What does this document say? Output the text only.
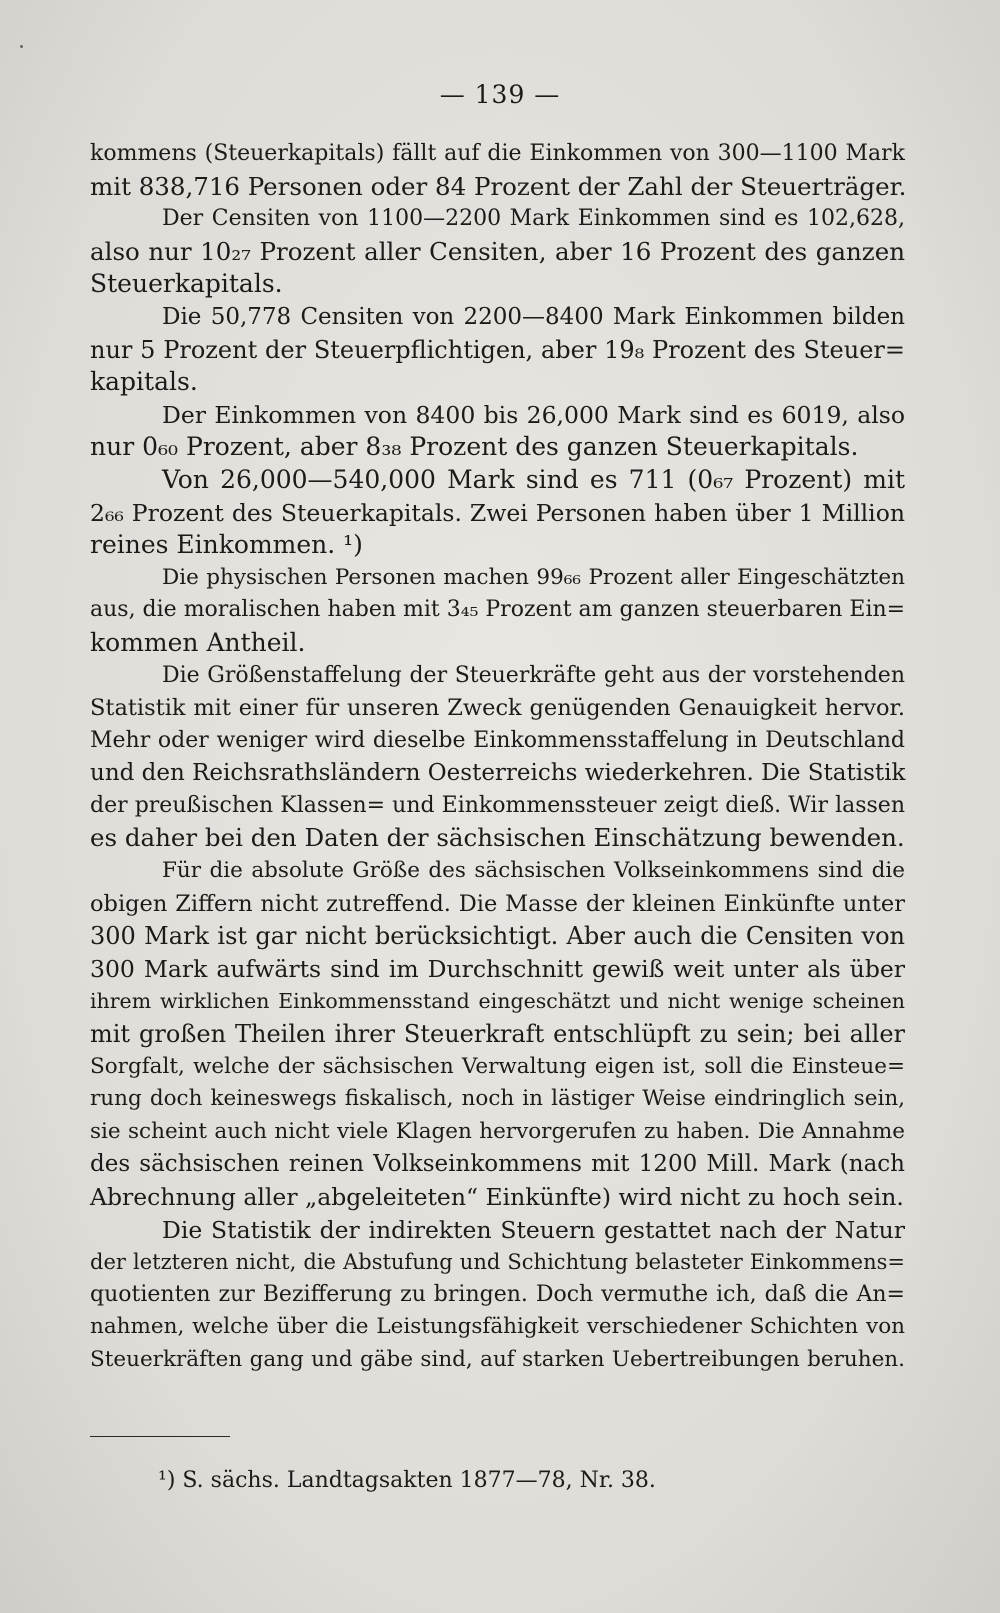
— 139 —
kommens (Steuerkapitals) fällt auf die Einkommen von 300—1100 Mark
mit 838,716 Personen oder 84 Prozent der Zahl der Steuerträger.
Der Censiten von 1100—2200 Mark Einkommen sind es 102,628,
also nur 10₂₇ Prozent aller Censiten, aber 16 Prozent des ganzen
Steuerkapitals.
Die 50,778 Censiten von 2200—8400 Mark Einkommen bilden
nur 5 Prozent der Steuerpflichtigen, aber 19₈ Prozent des Steuer=
kapitals.
Der Einkommen von 8400 bis 26,000 Mark sind es 6019, also
nur 0₆₀ Prozent, aber 8₃₈ Prozent des ganzen Steuerkapitals.
Von 26,000—540,000 Mark sind es 711 (0₆₇ Prozent) mit
2₆₆ Prozent des Steuerkapitals. Zwei Personen haben über 1 Million
reines Einkommen. ¹)
Die physischen Personen machen 99₆₆ Prozent aller Eingeschätzten
aus, die moralischen haben mit 3₄₅ Prozent am ganzen steuerbaren Ein=
kommen Antheil.
Die Größenstaffelung der Steuerkräfte geht aus der vorstehenden
Statistik mit einer für unseren Zweck genügenden Genauigkeit hervor.
Mehr oder weniger wird dieselbe Einkommensstaffelung in Deutschland
und den Reichsrathsländern Oesterreichs wiederkehren. Die Statistik
der preußischen Klassen= und Einkommenssteuer zeigt dieß. Wir lassen
es daher bei den Daten der sächsischen Einschätzung bewenden.
Für die absolute Größe des sächsischen Volkseinkommens sind die
obigen Ziffern nicht zutreffend. Die Masse der kleinen Einkünfte unter
300 Mark ist gar nicht berücksichtigt. Aber auch die Censiten von
300 Mark aufwärts sind im Durchschnitt gewiß weit unter als über
ihrem wirklichen Einkommensstand eingeschätzt und nicht wenige scheinen
mit großen Theilen ihrer Steuerkraft entschlüpft zu sein; bei aller
Sorgfalt, welche der sächsischen Verwaltung eigen ist, soll die Einsteue=
rung doch keineswegs fiskalisch, noch in lästiger Weise eindringlich sein,
sie scheint auch nicht viele Klagen hervorgerufen zu haben. Die Annahme
des sächsischen reinen Volkseinkommens mit 1200 Mill. Mark (nach
Abrechnung aller „abgeleiteten“ Einkünfte) wird nicht zu hoch sein.
Die Statistik der indirekten Steuern gestattet nach der Natur
der letzteren nicht, die Abstufung und Schichtung belasteter Einkommens=
quotienten zur Bezifferung zu bringen. Doch vermuthe ich, daß die An=
nahmen, welche über die Leistungsfähigkeit verschiedener Schichten von
Steuerkräften gang und gäbe sind, auf starken Uebertreibungen beruhen.
¹) S. sächs. Landtagsakten 1877—78, Nr. 38.
